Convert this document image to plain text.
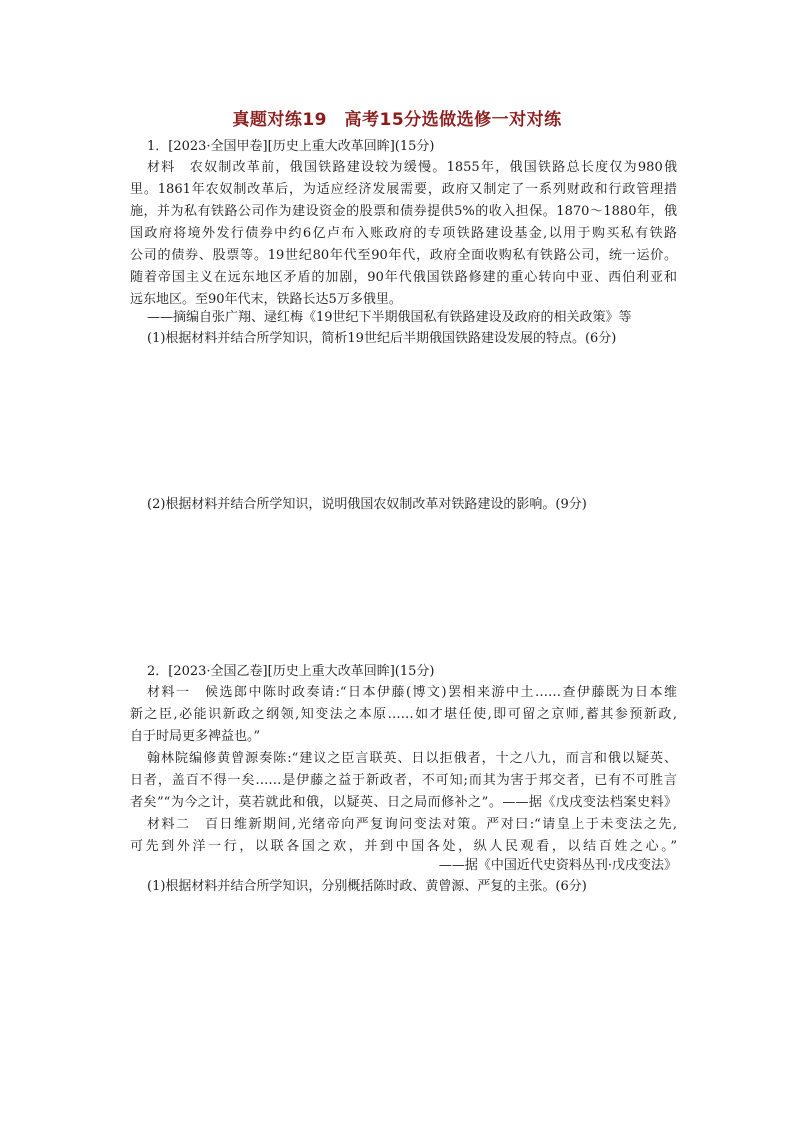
真题对练19　高考15分选做选修一对对练
1．[2023·全国甲卷][历史上重大改革回眸](15分)
材料　农奴制改革前，俄国铁路建设较为缓慢。1855年，俄国铁路总长度仅为980俄
里。1861年农奴制改革后，为适应经济发展需要，政府又制定了一系列财政和行政管理措
施，并为私有铁路公司作为建设资金的股票和债券提供5%的收入担保。1870～1880年，俄
国政府将境外发行债券中约6亿卢布入账政府的专项铁路建设基金,以用于购买私有铁路
公司的债券、股票等。19世纪80年代至90年代，政府全面收购私有铁路公司，统一运价。
随着帝国主义在远东地区矛盾的加剧，90年代俄国铁路修建的重心转向中亚、西伯利亚和
远东地区。至90年代末，铁路长达5万多俄里。
——摘编自张广翔、逯红梅《19世纪下半期俄国私有铁路建设及政府的相关政策》等
(1)根据材料并结合所学知识，简析19世纪后半期俄国铁路建设发展的特点。(6分)
(2)根据材料并结合所学知识，说明俄国农奴制改革对铁路建设的影响。(9分)
2．[2023·全国乙卷][历史上重大改革回眸](15分)
材料一　候选郎中陈时政奏请:“日本伊藤(博文)罢相来游中土……查伊藤既为日本维
新之臣,必能识新政之纲领,知变法之本原……如才堪任使,即可留之京师,蓄其参预新政,
自于时局更多裨益也。”
翰林院编修黄曾源奏陈:“建议之臣言联英、日以拒俄者，十之八九，而言和俄以疑英、
日者，盖百不得一矣……是伊藤之益于新政者，不可知;而其为害于邦交者，已有不可胜言
者矣”“为今之计，莫若就此和俄，以疑英、日之局而修补之”。——据《戊戌变法档案史料》
材料二　百日维新期间,光绪帝向严复询问变法对策。严对曰:“请皇上于未变法之先,
可先到外洋一行，以联各国之欢，并到中国各处，纵人民观看，以结百姓之心。”
——据《中国近代史资料丛刊·戊戌变法》
(1)根据材料并结合所学知识，分别概括陈时政、黄曾源、严复的主张。(6分)
